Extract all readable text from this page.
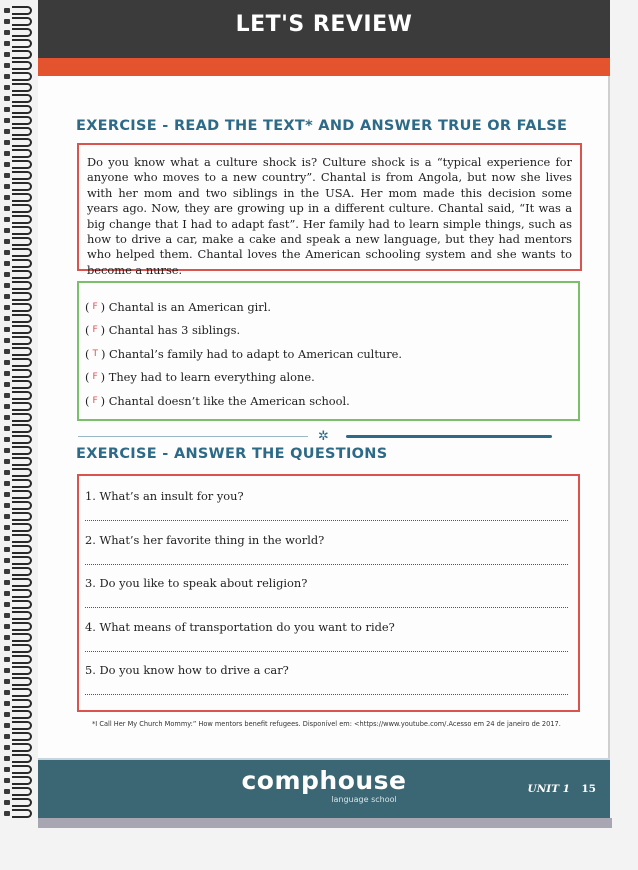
LET'S REVIEW
EXERCISE - READ THE TEXT* AND ANSWER TRUE OR FALSE

Do you know what a culture shock is? Culture shock is a “typical experience for anyone who moves to a new country”. Chantal is from Angola, but now she lives with her mom and two siblings in the USA. Her mom made this decision some years ago. Now, they are growing up in a different culture. Chantal said, “It was a big change that I had to adapt fast”. Her family had to learn simple things, such as how to drive a car, make a cake and speak a new language, but they had mentors who helped them. Chantal loves the American schooling system and she wants to become a nurse.

( F ) Chantal is an American girl.
( F ) Chantal has 3 siblings.
( T ) Chantal’s family had to adapt to American culture.
( F ) They had to learn everything alone.
( F ) Chantal doesn’t like the American school.
✲
EXERCISE - ANSWER THE QUESTIONS
1. What’s an insult for you?
2. What’s her favorite thing in the world?
3. Do you like to speak about religion?
4. What means of transportation do you want to ride?
5. Do you know how to drive a car?
*I Call Her My Church Mommy:” How mentors benefit refugees. Disponível em: <https://www.youtube.com/.Acesso em 24 de janeiro de 2017.
comphouse
language school
UNIT 1 15
